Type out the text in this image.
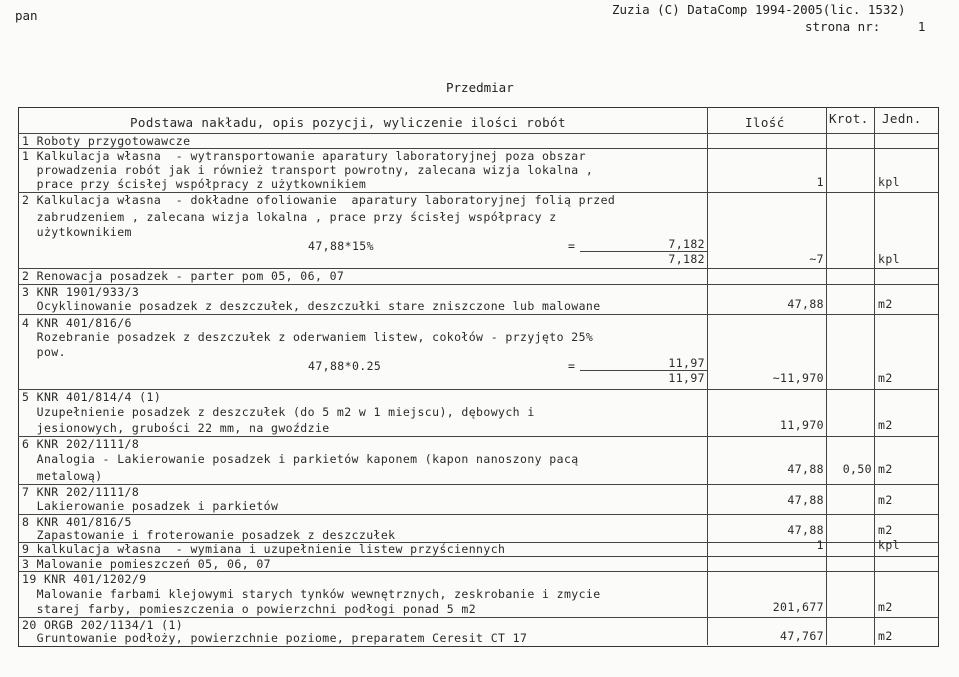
pan	Zuzia (C) DataComp 1994-2005(lic. 1532)
strona nr:     1
Przedmiar
Podstawa nakładu, opis pozycji, wyliczenie ilości robót	Ilość	Krot. Jedn.
1 Roboty przygotowawcze
1 Kalkulacja własna  - wytransportowanie aparatury laboratoryjnej poza obszar
prowadzenia robót jak i również transport powrotny, zalecana wizja lokalna ,
prace przy ścisłej współpracy z użytkownikiem	1	kpl
2 Kalkulacja własna  - dokładne ofoliowanie  aparatury laboratoryjnej folią przed
zabrudzeniem , zalecana wizja lokalna , prace przy ścisłej współpracy z
użytkownikiem
47,88*15%	=	7,182
7,182	~7	kpl
2 Renowacja posadzek - parter pom 05, 06, 07
3 KNR 1901/933/3
Ocyklinowanie posadzek z deszczułek, deszczułki stare zniszczone lub malowane	47,88	m2
4 KNR 401/816/6
Rozebranie posadzek z deszczułek z oderwaniem listew, cokołów - przyjęto 25%
pow.
47,88*0.25	=	11,97
11,97	~11,970	m2
5 KNR 401/814/4 (1)
Uzupełnienie posadzek z deszczułek (do 5 m2 w 1 miejscu), dębowych i
jesionowych, grubości 22 mm, na gwoździe	11,970	m2
6 KNR 202/1111/8
Analogia - Lakierowanie posadzek i parkietów kaponem (kapon nanoszony pacą
metalową)	47,88	0,50 m2
7 KNR 202/1111/8
Lakierowanie posadzek i parkietów	47,88	m2
8 KNR 401/816/5
Zapastowanie i froterowanie posadzek z deszczułek	47,88	m2
9 kalkulacja własna  - wymiana i uzupełnienie listew przyściennych	1	kpl
3 Malowanie pomieszczeń 05, 06, 07
19 KNR 401/1202/9
Malowanie farbami klejowymi starych tynków wewnętrznych, zeskrobanie i zmycie
starej farby, pomieszczenia o powierzchni podłogi ponad 5 m2	201,677	m2
20 ORGB 202/1134/1 (1)
Gruntowanie podłoży, powierzchnie poziome, preparatem Ceresit CT 17	47,767	m2
